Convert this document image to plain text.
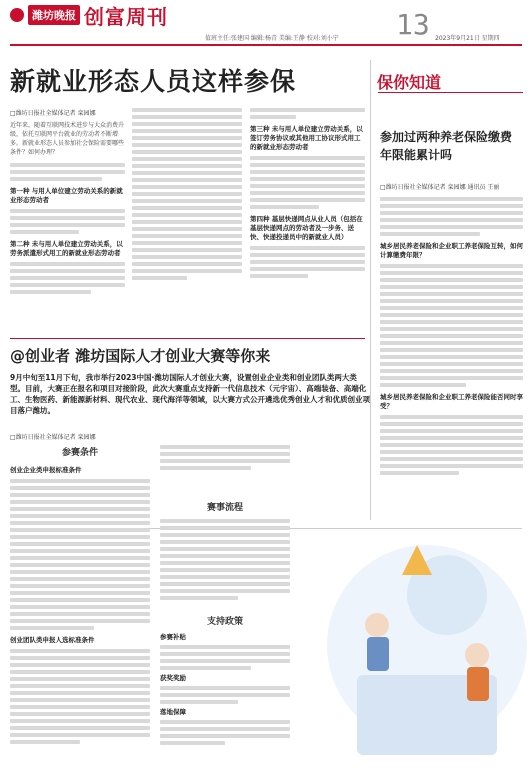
潍坊晚报 创富周刊
值班主任:张建国 编辑:杨青 美编:王静 校对:刘小宁 13 2023年9月21日 星期四
新就业形态人员这样参保
□潍坊日报社全媒体记者 栾园娜
近年来，随着互联网技术进步与大众消费升级，依托互联网平台就业的劳动者不断增多。新就业形态人员参加社会保险需要哪些条件？如何办理？
第一种 与用人单位建立劳动关系的新就业形态劳动者
第二种 未与用人单位建立劳动关系，以劳务派遣形式用工的新就业形态劳动者
第三种 未与用人单位建立劳动关系，以签订劳务协议或其他用工协议形式用工的新就业形态劳动者
第四种 基层快递网点从业人员（包括在基层快递网点的劳动者及一步务、送快、快递投递员中的新就业人员）
保你知道
参加过两种养老保险缴费年限能累计吗
□潍坊日报社全媒体记者 栾园娜 通讯员 王丽
城乡居民养老保险和企业职工养老保险互转，如何计算缴费年限？
城乡居民养老保险和企业职工养老保险能否同时享受？
@创业者 潍坊国际人才创业大赛等你来
9月中旬至11月下旬，我市举行2023中国·潍坊国际人才创业大赛，设置创业企业类和创业团队类两大类型。目前，大赛正在报名和项目对接阶段，此次大赛重点支持新一代信息技术（元宇宙）、高端装备、高端化工、生物医药、新能源新材料、现代农业、现代海洋等领域，以大赛方式公开遴选优秀创业人才和优质创业项目落户潍坊。
□潍坊日报社全媒体记者 栾园娜
参赛条件
创业企业类申报标准条件
创业团队类申报人选标准条件
赛事流程
支持政策
参赛补贴
获奖奖励
落地保障
